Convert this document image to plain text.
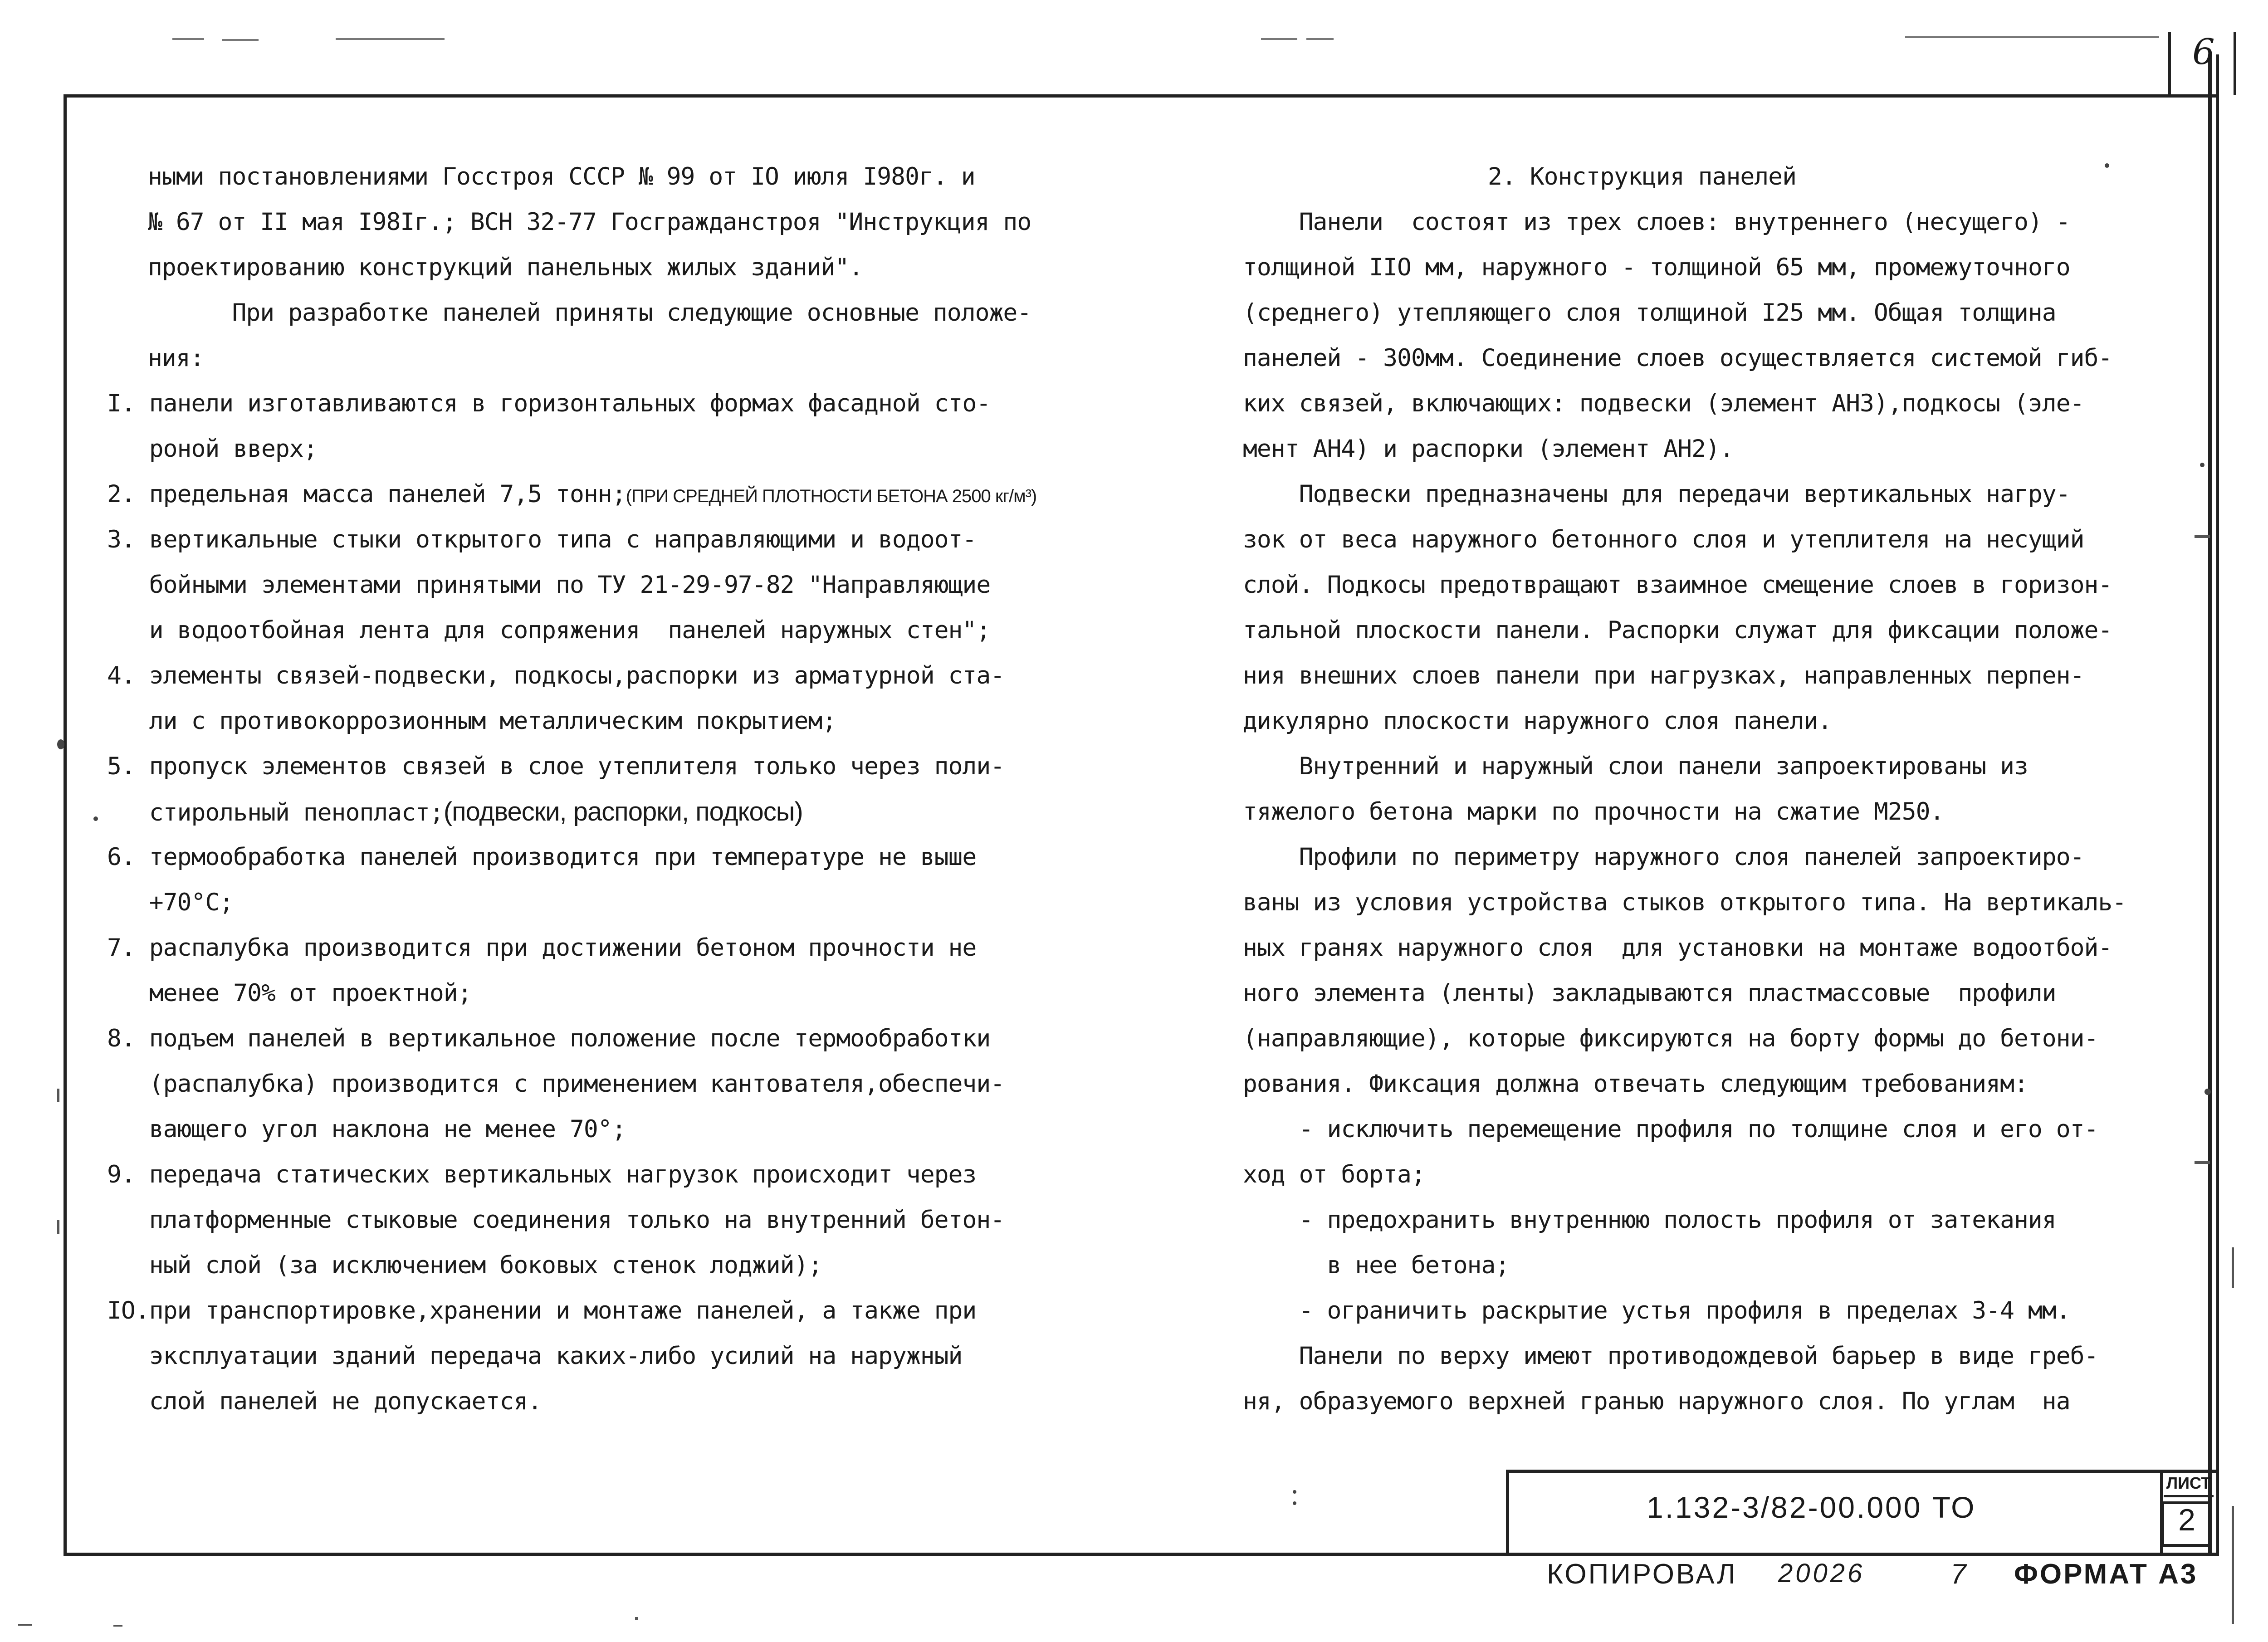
6
ными постановлениями Госстроя СССР № 99 от IO июля I980г. и
№ 67 от II мая I98Iг.; ВСН 32-77 Госгражданстроя "Инструкция по
проектированию конструкций панельных жилых зданий".
При разработке панелей приняты следующие основные положе-
ния:
I. панели изготавливаются в горизонтальных формах фасадной сто-
роной вверх;
2. предельная масса панелей 7,5 тонн;(ПРИ СРЕДНЕЙ ПЛОТНОСТИ БЕТОНА 2500 кг/м³)
3. вертикальные стыки открытого типа с направляющими и водоот-
бойными элементами принятыми по ТУ 21-29-97-82 "Направляющие
и водоотбойная лента для сопряжения  панелей наружных стен";
4. элементы связей-подвески, подкосы,распорки из арматурной ста-
ли с противокоррозионным металлическим покрытием;
5. пропуск элементов связей в слое утеплителя только через поли-
стирольный пенопласт;(подвески, распорки, подкосы)
6. термообработка панелей производится при температуре не выше
+70°С;
7. распалубка производится при достижении бетоном прочности не
менее 70% от проектной;
8. подъем панелей в вертикальное положение после термообработки
(распалубка) производится с применением кантователя,обеспечи-
вающего угол наклона не менее 70°;
9. передача статических вертикальных нагрузок происходит через
платформенные стыковые соединения только на внутренний бетон-
ный слой (за исключением боковых стенок лоджий);
IO.при транспортировке,хранении и монтаже панелей, а также при
эксплуатации зданий передача каких-либо усилий на наружный
слой панелей не допускается.
2. Конструкция панелей
Панели  состоят из трех слоев: внутреннего (несущего) -
толщиной IIO мм, наружного - толщиной 65 мм, промежуточного
(среднего) утепляющего слоя толщиной I25 мм. Общая толщина
панелей - 300мм. Соединение слоев осуществляется системой гиб-
ких связей, включающих: подвески (элемент АН3),подкосы (эле-
мент АН4) и распорки (элемент АН2).
Подвески предназначены для передачи вертикальных нагру-
зок от веса наружного бетонного слоя и утеплителя на несущий
слой. Подкосы предотвращают взаимное смещение слоев в горизон-
тальной плоскости панели. Распорки служат для фиксации положе-
ния внешних слоев панели при нагрузках, направленных перпен-
дикулярно плоскости наружного слоя панели.
Внутренний и наружный слои панели запроектированы из
тяжелого бетона марки по прочности на сжатие М250.
Профили по периметру наружного слоя панелей запроектиро-
ваны из условия устройства стыков открытого типа. На вертикаль-
ных гранях наружного слоя  для установки на монтаже водоотбой-
ного элемента (ленты) закладываются пластмассовые  профили
(направляющие), которые фиксируются на борту формы до бетони-
рования. Фиксация должна отвечать следующим требованиям:
- исключить перемещение профиля по толщине слоя и его от-
ход от борта;
- предохранить внутреннюю полость профиля от затекания
в нее бетона;
- ограничить раскрытие устья профиля в пределах 3-4 мм.
Панели по верху имеют противодождевой барьер в виде греб-
ня, образуемого верхней гранью наружного слоя. По углам  на
1.132-3/82-00.000 ТО
ЛИСТ
2
КОПИРОВАЛ 20026	7 ФОРМАТ А3
